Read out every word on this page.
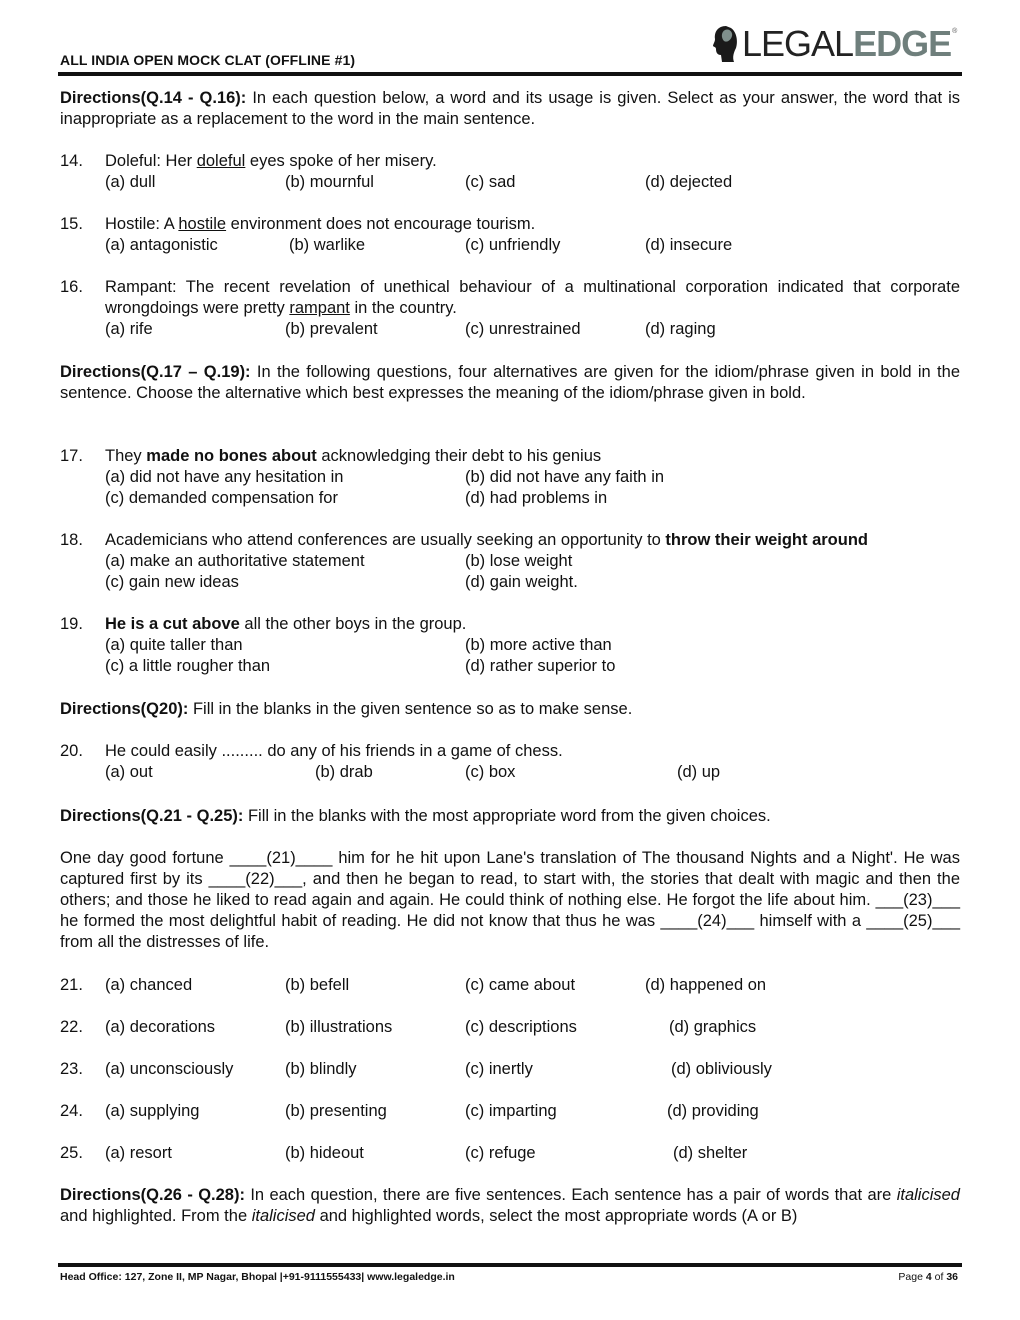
ALL INDIA OPEN MOCK CLAT (OFFLINE #1)	LEGAL EDGE ®
Directions(Q.14 - Q.16): In each question below, a word and its usage is given. Select as your answer, the word that is inappropriate as a replacement to the word in the main sentence.
14. Doleful: Her doleful eyes spoke of her misery.
(a) dull	(b) mournful	(c) sad	(d) dejected
15. Hostile: A hostile environment does not encourage tourism.
(a) antagonistic	(b) warlike	(c) unfriendly	(d) insecure
16. Rampant: The recent revelation of unethical behaviour of a multinational corporation indicated that corporate wrongdoings were pretty rampant in the country.
(a) rife	(b) prevalent	(c) unrestrained	(d) raging
Directions(Q.17 – Q.19): In the following questions, four alternatives are given for the idiom/phrase given in bold in the sentence. Choose the alternative which best expresses the meaning of the idiom/phrase given in bold.
17. They made no bones about acknowledging their debt to his genius
(a) did not have any hesitation in	(b) did not have any faith in
(c) demanded compensation for	(d) had problems in
18. Academicians who attend conferences are usually seeking an opportunity to throw their weight around
(a) make an authoritative statement	(b) lose weight
(c) gain new ideas	(d) gain weight.
19. He is a cut above all the other boys in the group.
(a) quite taller than	(b) more active than
(c) a little rougher than	(d) rather superior to
Directions(Q20): Fill in the blanks in the given sentence so as to make sense.
20. He could easily ......... do any of his friends in a game of chess.
(a) out	(b) drab	(c) box	(d) up
Directions(Q.21 - Q.25): Fill in the blanks with the most appropriate word from the given choices.
One day good fortune ____(21)____ him for he hit upon Lane's translation of The thousand Nights and a Night'. He was captured first by its ____(22)___, and then he began to read, to start with, the stories that dealt with magic and then the others; and those he liked to read again and again. He could think of nothing else. He forgot the life about him. ___(23)___ he formed the most delightful habit of reading. He did not know that thus he was ____(24)___ himself with a ____(25)___ from all the distresses of life.
21. (a) chanced	(b) befell	(c) came about	(d) happened on
22. (a) decorations	(b) illustrations	(c) descriptions	(d) graphics
23. (a) unconsciously	(b) blindly	(c) inertly	(d) obliviously
24. (a) supplying	(b) presenting	(c) imparting	(d) providing
25. (a) resort	(b) hideout	(c) refuge	(d) shelter
Directions(Q.26 - Q.28): In each question, there are five sentences. Each sentence has a pair of words that are italicised and highlighted. From the italicised and highlighted words, select the most appropriate words (A or B)
Head Office: 127, Zone II, MP Nagar, Bhopal |+91-9111555433| www.legaledge.in	Page 4 of 36
